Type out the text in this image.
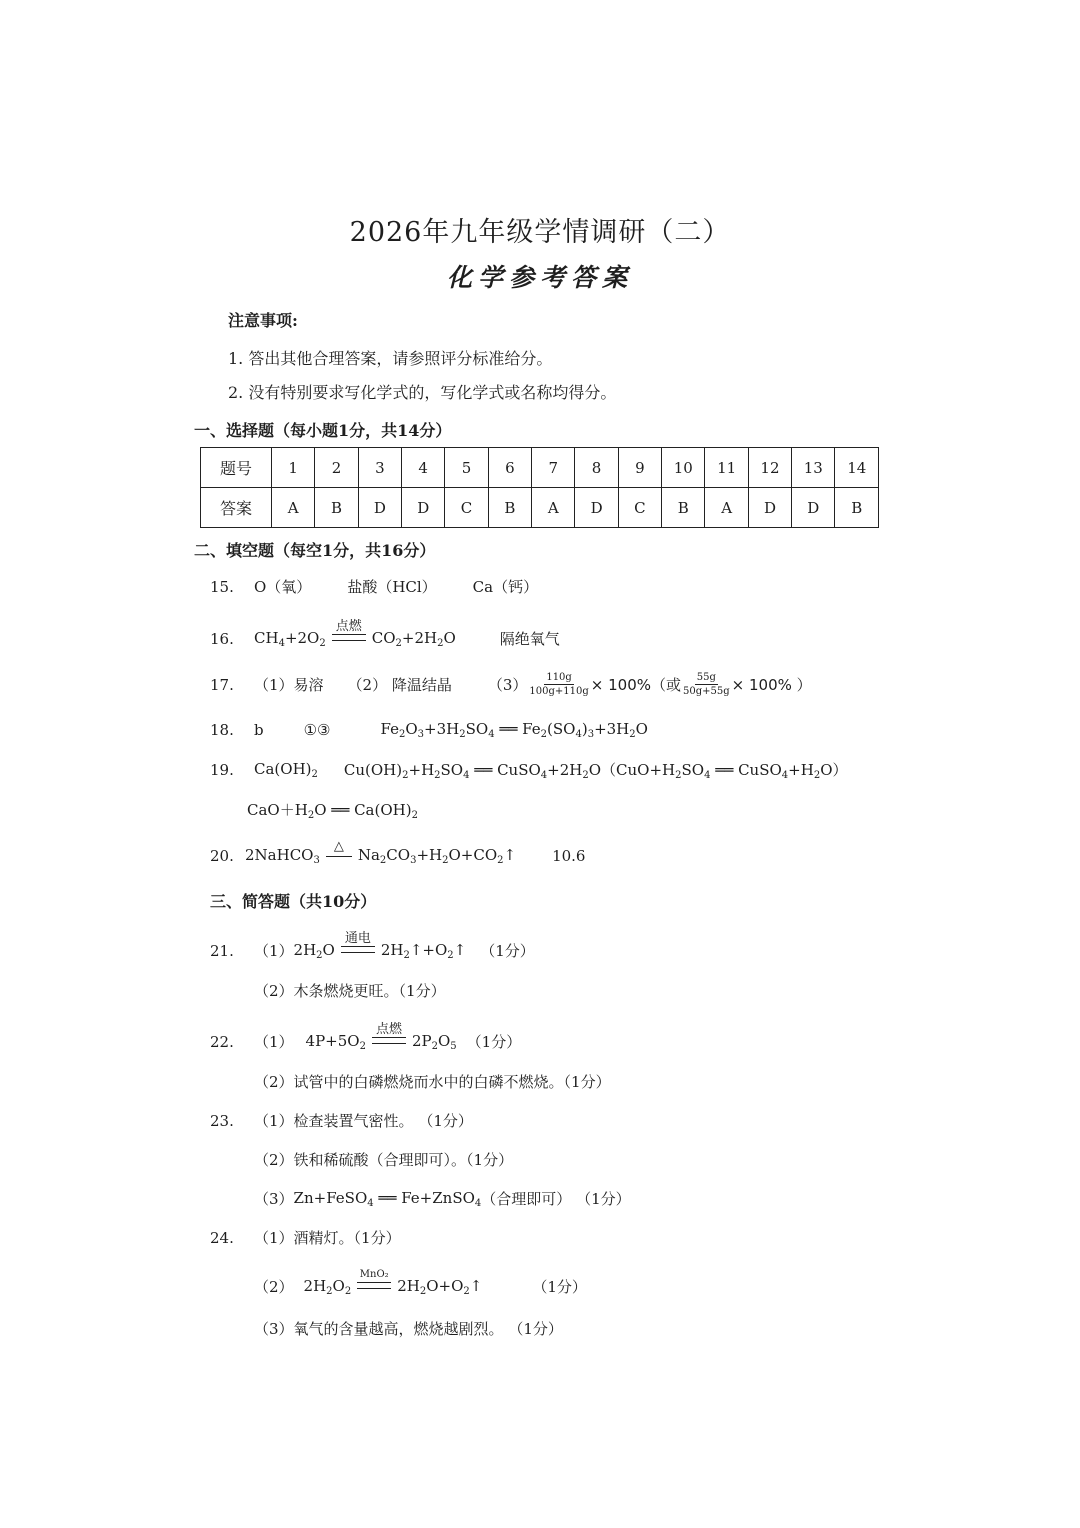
2026年九年级学情调研（二）
化学参考答案
注意事项:
1. 答出其他合理答案，请参照评分标准给分。
2. 没有特别要求写化学式的，写化学式或名称均得分。
一、选择题（每小题1分，共14分）
题号	1	2	3	4	5	6	7	8	9	10	11	12	13	14
答案	A	B	D	D	C	B	A	D	C	B	A	D	D	B
二、填空题（每空1分，共16分）
15.	O（氧） 盐酸（HCl） Ca（钙）
16.	$CH_4+2O_2$
点燃
$CO_2+2H_2O$	隔绝氧气
17.	（1）易溶 （2） 降温结晶 $(3) \frac{110g}{100g+110g} \times 100\%$ （或 $\frac{55g}{50g+55g} \times 100\%$ ）
18.	b	①③	$Fe_2O_3+3H_2SO_4$ ══ $Fe_2(SO_4)_3+3H_2O$
19.	$Ca(OH)_2$ $Cu(OH)_2+H_2SO_4$ ══ $CuSO_4+2H_2O(CuO+H_2SO_4$ ══ $CuSO_4+H_2O$）
$CaO+H_2O$ ══ $Ca(OH)_2$
20. 2NaHCO$_3$
△ $Na_2CO_3+H_2O+CO_2↑$ 10.6
三、简答题（共10分）
21.	（1） $2H_2O$
通电
$2H_2↑+O_2↑$ （1分）
（2）木条燃烧更旺。（1分）
22.	（1） $4P+5O_2$
点燃
$2P_2O_5$ （1分）
（2）试管中的白磷燃烧而水中的白磷不燃烧。（1分）
23.	（1）检查装置气密性。 （1分）
（2）铁和稀硫酸（合理即可）。（1分）
（3） Zn+FeSO$_4$ ══ Fe+ZnSO$_4$ （合理即可） （1分）
24.	（1）酒精灯。（1分）
（2） $2H_2O_2$
MnO₂
$2H_2O+O_2↑$	（1分）
（3）氧气的含量越高，燃烧越剧烈。 （1分）
